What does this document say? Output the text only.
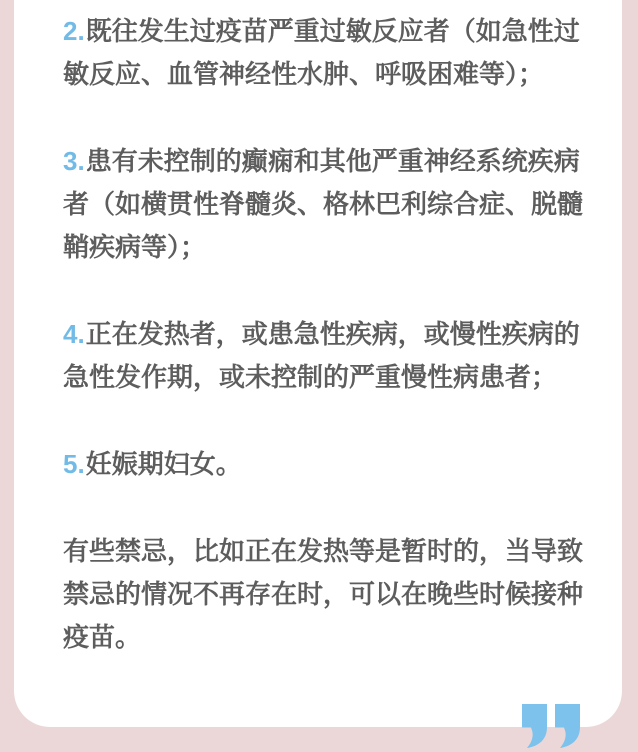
2.既往发生过疫苗严重过敏反应者（如急性过敏反应、血管神经性水肿、呼吸困难等）；

3.患有未控制的癫痫和其他严重神经系统疾病者（如横贯性脊髓炎、格林巴利综合症、脱髓鞘疾病等）；

4.正在发热者，或患急性疾病，或慢性疾病的急性发作期，或未控制的严重慢性病患者；

5.妊娠期妇女。

有些禁忌，比如正在发热等是暂时的，当导致禁忌的情况不再存在时，可以在晚些时候接种疫苗。
